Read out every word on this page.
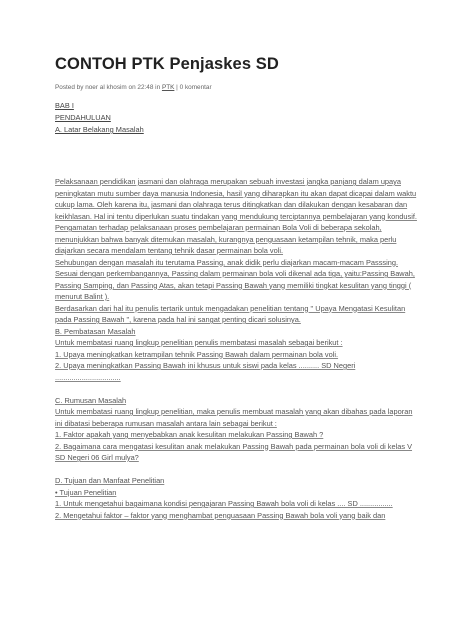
CONTOH PTK Penjaskes SD
Posted by noer al khosim on 22:48 in PTK | 0 komentar
BAB I
PENDAHULUAN
A. Latar Belakang Masalah

Pelaksanaan pendidikan jasmani dan olahraga merupakan sebuah investasi jangka panjang dalam upaya peningkatan mutu sumber daya manusia Indonesia, hasil yang diharapkan itu akan dapat dicapai dalam waktu cukup lama. Oleh karena itu, jasmani dan olahraga terus ditingkatkan dan dilakukan dengan kesabaran dan keikhlasan. Hal ini tentu diperlukan suatu tindakan yang mendukung terciptannya pembelajaran yang kondusif.

Pengamatan terhadap pelaksanaan proses pembelajaran permainan Bola Voli di beberapa sekolah, menunjukkan bahwa banyak ditemukan masalah, kurangnya penguasaan ketampilan tehnik, maka perlu diajarkan secara mendalam tentang tehnik dasar permainan bola voli.

Sehubungan dengan masalah itu terutama Passing, anak didik perlu diajarkan macam-macam Passsing. Sesuai dengan perkembangannya, Passing dalam permainan bola voli dikenal ada tiga, yaitu:Passing Bawah, Passing Samping, dan Passing Atas, akan tetapi Passing Bawah yang memiliki tingkat kesulitan yang tinggi ( menurut Balint ).

Berdasarkan dari hal itu penulis tertarik untuk mengadakan penelitian tentang " Upaya Mengatasi Kesulitan pada Passing Bawah ", karena pada hal ini sangat penting dicari solusinya.

B. Pembatasan Masalah

Untuk membatasi ruang lingkup penelitian penulis membatasi masalah sebagai berikut :

1. Upaya meningkatkan ketrampilan tehnik Passing Bawah dalam permainan bola voli.

2. Upaya meningkatkan Passing Bawah ini khusus untuk siswi pada kelas .......... SD Negeri ................................

C. Rumusan Masalah

Untuk membatasi ruang lingkup penelitian, maka penulis membuat masalah yang akan dibahas pada laporan ini dibatasi beberapa rumusan masalah antara lain sebagai berikut :

1. Faktor apakah yang menyebabkan anak kesulitan melakukan Passing Bawah ?

2. Bagaimana cara mengatasi kesulitan anak melakukan Passing Bawah pada permainan bola voli di kelas V SD Negeri 06 Girl mulya?

D. Tujuan dan Manfaat Penelitian

• Tujuan Penelitian

1. Untuk mengetahui bagaimana kondisi pengajaran Passing Bawah bola voli di kelas .... SD ................

2. Mengetahui faktor – faktor yang menghambat penguasaan Passing Bawah bola voli yang baik dan
